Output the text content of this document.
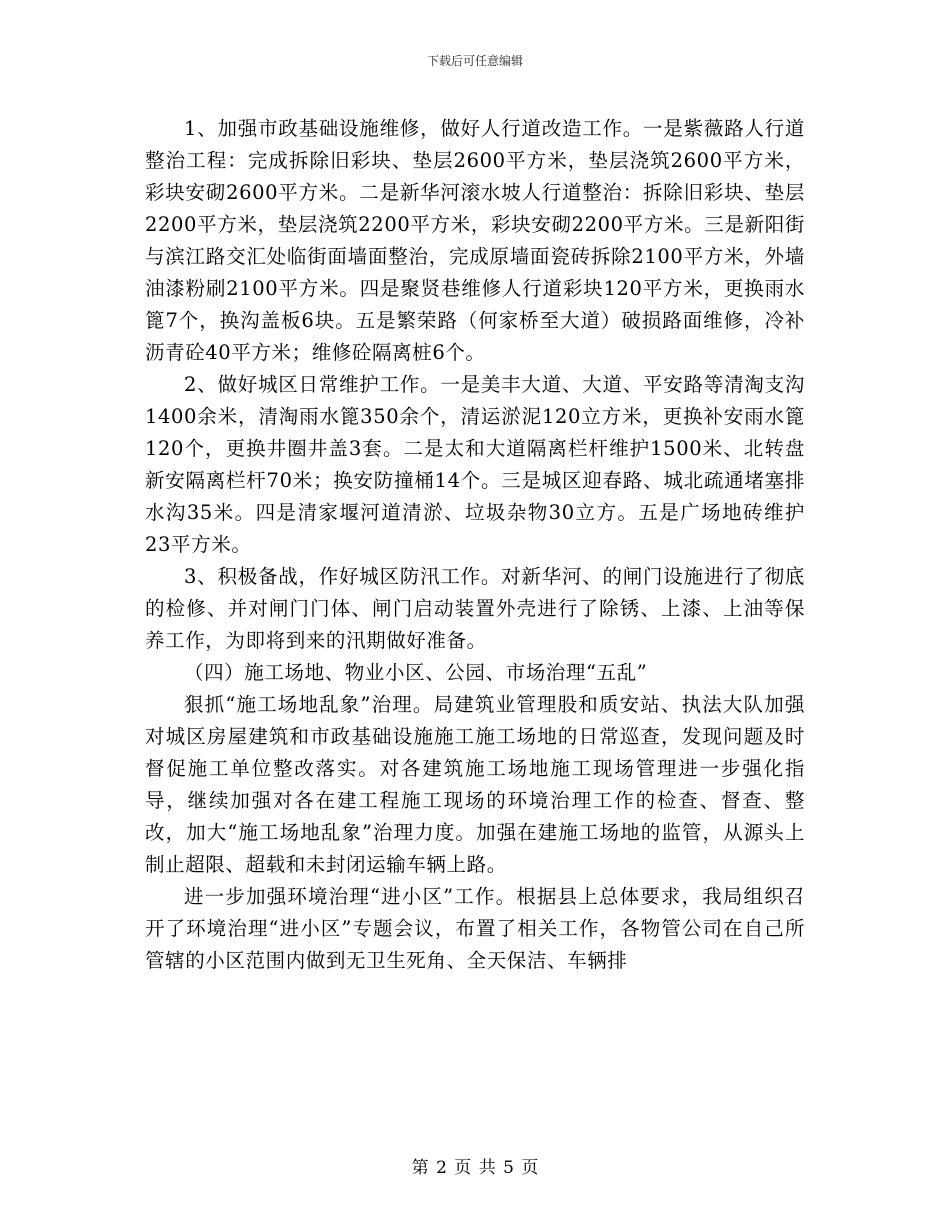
下载后可任意编辑

1、加强市政基础设施维修，做好人行道改造工作。一是紫薇路人行道整治工程：完成拆除旧彩块、垫层2600平方米，垫层浇筑2600平方米，彩块安砌2600平方米。二是新华河滚水坡人行道整治：拆除旧彩块、垫层2200平方米，垫层浇筑2200平方米，彩块安砌2200平方米。三是新阳街与滨江路交汇处临街面墙面整治，完成原墙面瓷砖拆除2100平方米，外墙油漆粉刷2100平方米。四是聚贤巷维修人行道彩块120平方米，更换雨水篦7个，换沟盖板6块。五是繁荣路（何家桥至大道）破损路面维修，冷补沥青砼40平方米；维修砼隔离桩6个。

2、做好城区日常维护工作。一是美丰大道、大道、平安路等清淘支沟1400余米，清淘雨水篦350余个，清运淤泥120立方米，更换补安雨水篦120个，更换井圈井盖3套。二是太和大道隔离栏杆维护1500米、北转盘新安隔离栏杆70米；换安防撞桶14个。三是城区迎春路、城北疏通堵塞排水沟35米。四是清家堰河道清淤、垃圾杂物30立方。五是广场地砖维护23平方米。

3、积极备战，作好城区防汛工作。对新华河、的闸门设施进行了彻底的检修、并对闸门门体、闸门启动装置外壳进行了除锈、上漆、上油等保养工作，为即将到来的汛期做好准备。

（四）施工场地、物业小区、公园、市场治理“五乱”

狠抓“施工场地乱象”治理。局建筑业管理股和质安站、执法大队加强对城区房屋建筑和市政基础设施施工施工场地的日常巡查，发现问题及时督促施工单位整改落实。对各建筑施工场地施工现场管理进一步强化指导，继续加强对各在建工程施工现场的环境治理工作的检查、督查、整改，加大“施工场地乱象”治理力度。加强在建施工场地的监管，从源头上制止超限、超载和未封闭运输车辆上路。

进一步加强环境治理“进小区”工作。根据县上总体要求，我局组织召开了环境治理“进小区”专题会议，布置了相关工作，各物管公司在自己所管辖的小区范围内做到无卫生死角、全天保洁、车辆排

第 2 页 共 5 页
